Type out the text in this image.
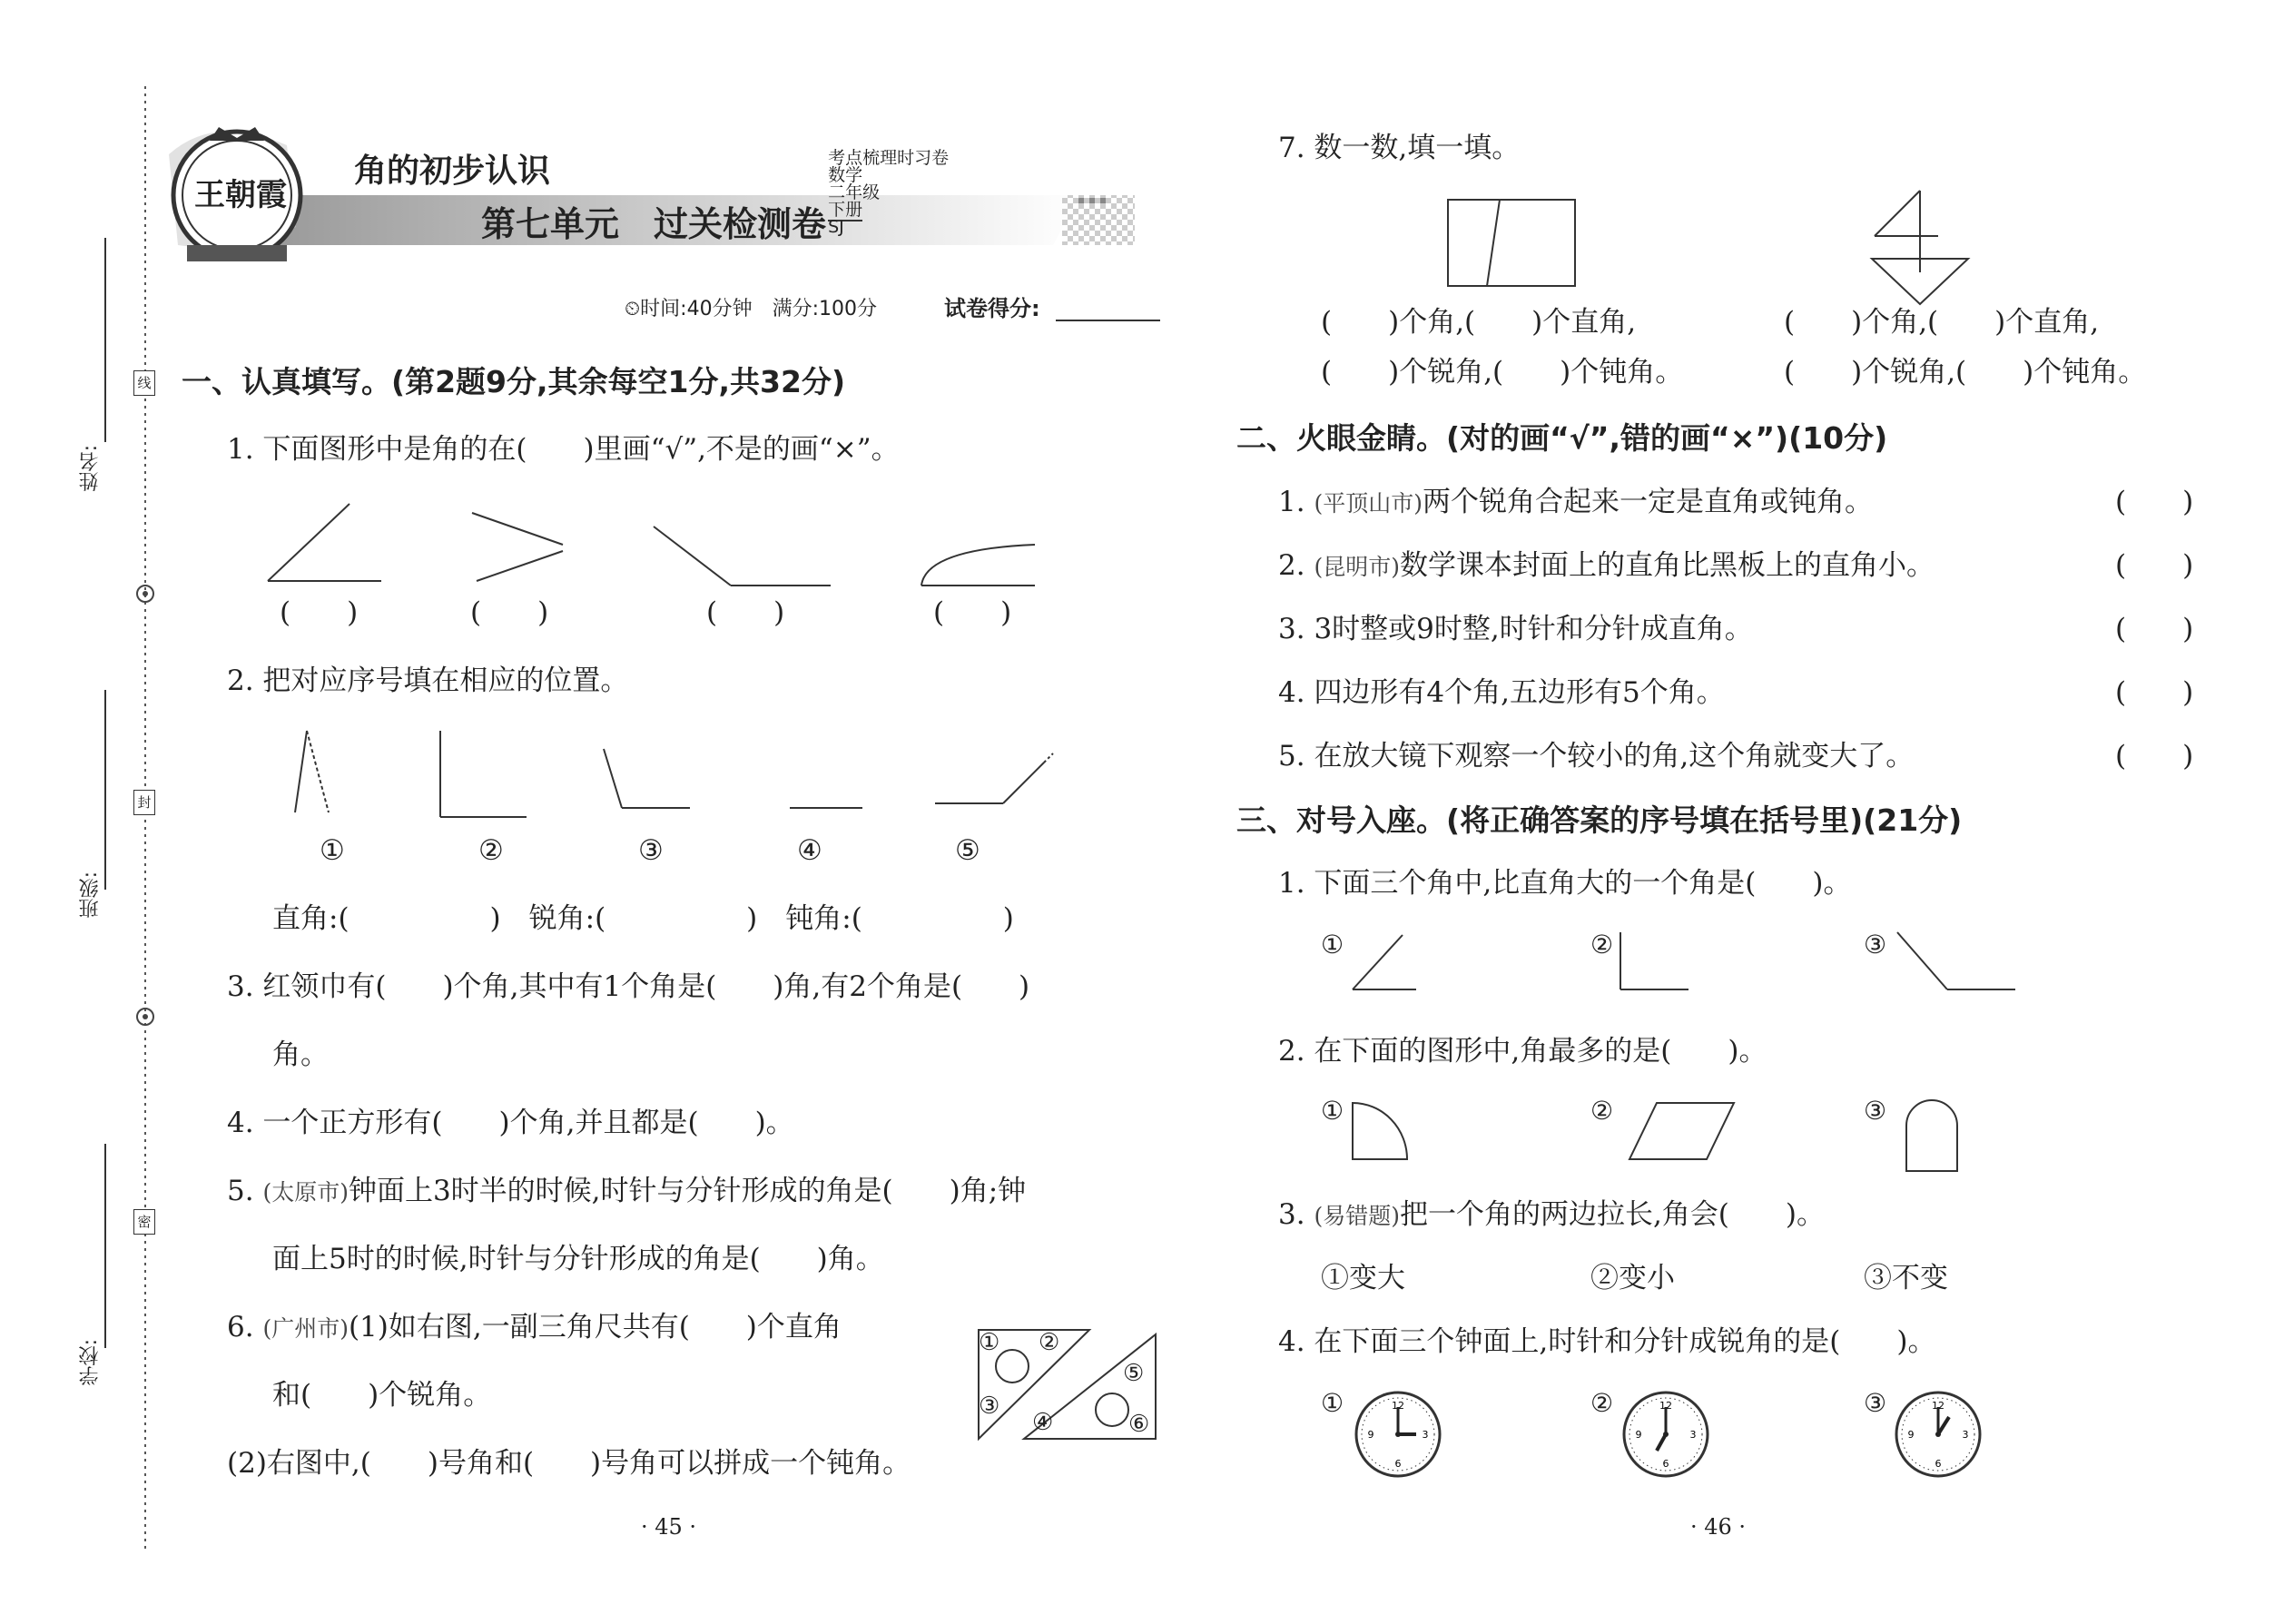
姓名:
班级:
学校:
线
封
密
王朝霞
角的初步认识	考点梳理时习卷
数学
二年级
下册
SJ

第七单元　过关检测卷
⏲时间:40分钟　满分:100分	试卷得分:
一、认真填写。(第2题9分,其余每空1分,共32分)
1. 下面图形中是角的在(　　)里画“√”,不是的画“×”。
(　　)	(　　)	(　　)	(　　)
2. 把对应序号填在相应的位置。
①	②	③	④	⑤
直角:(　　　　　)　锐角:(　　　　　)　钝角:(　　　　　)
3. 红领巾有(　　)个角,其中有1个角是(　　)角,有2个角是(　　)
角。
4. 一个正方形有(　　)个角,并且都是(　　)。
5. (太原市)钟面上3时半的时候,时针与分针形成的角是(　　)角;钟
面上5时的时候,时针与分针形成的角是(　　)角。
6. (广州市)(1)如右图,一副三角尺共有(　　)个直角
和(　　)个锐角。
(2)右图中,(　　)号角和(　　)号角可以拼成一个钝角。
① ②
③
④
⑤
⑥
· 45 ·
7. 数一数,填一填。
(　　)个角,(　　)个直角,
(　　)个锐角,(　　)个钝角。
(　　)个角,(　　)个直角,
(　　)个锐角,(　　)个钝角。
二、火眼金睛。(对的画“√”,错的画“×”)(10分)
1. (平顶山市)两个锐角合起来一定是直角或钝角。
2. (昆明市)数学课本封面上的直角比黑板上的直角小。
3. 3时整或9时整,时针和分针成直角。
4. 四边形有4个角,五边形有5个角。
5. 在放大镜下观察一个较小的角,这个角就变大了。
(　　)
(　　)
(　　)
(　　)
(　　)
三、对号入座。(将正确答案的序号填在括号里)(21分)
1. 下面三个角中,比直角大的一个角是(　　)。
①	②	③
2. 在下面的图形中,角最多的是(　　)。
①	②	③
3. (易错题)把一个角的两边拉长,角会(　　)。
①变大	②变小	③不变
4. 在下面三个钟面上,时针和分针成锐角的是(　　)。
①	②	③
12
3
6
9
12
3
6
9
12
3
6
9
· 46 ·
